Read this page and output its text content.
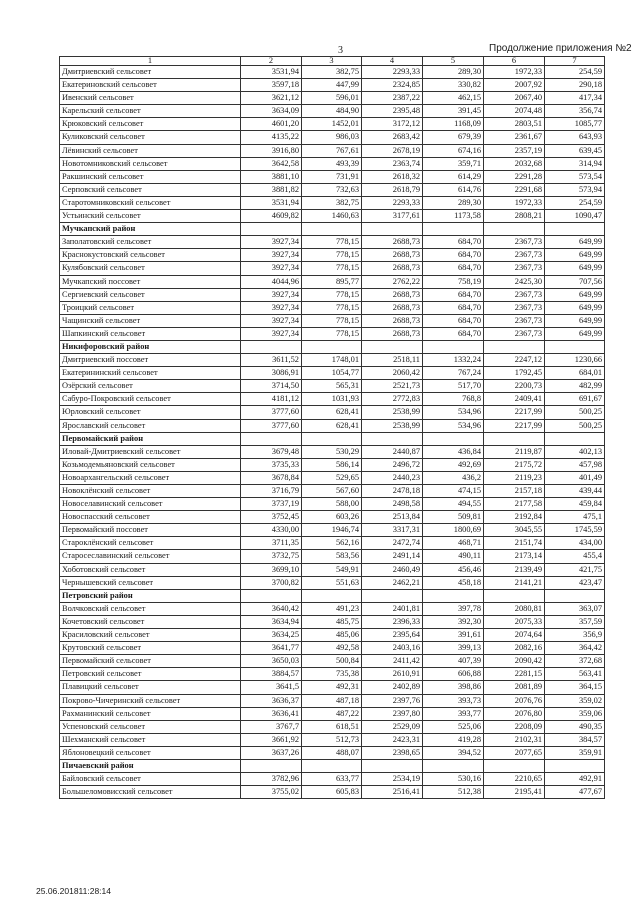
3	Продолжение приложения №2
1	2	3	4	5	6	7
Дмитриевский сельсовет	3531,94	382,75	2293,33	289,30	1972,33	254,59
Екатериновский сельсовет	3597,18	447,99	2324,85	330,82	2007,92	290,18
Ивенский сельсовет	3621,12	596,01	2387,22	462,15	2067,40	417,34
Карельский сельсовет	3634,09	484,90	2395,48	391,45	2074,48	356,74
Крюковский сельсовет	4601,20	1452,01	3172,12	1168,09	2803,51	1085,77
Куликовский сельсовет	4135,22	986,03	2683,42	679,39	2361,67	643,93
Лёвинский сельсовет	3916,80	767,61	2678,19	674,16	2357,19	639,45
Новотомниковский сельсовет	3642,58	493,39	2363,74	359,71	2032,68	314,94
Ракшинский сельсовет	3881,10	731,91	2618,32	614,29	2291,28	573,54
Серповский сельсовет	3881,82	732,63	2618,79	614,76	2291,68	573,94
Старотомниковский сельсовет	3531,94	382,75	2293,33	289,30	1972,33	254,59
Устьинский сельсовет	4609,82	1460,63	3177,61	1173,58	2808,21	1090,47
Мучкапский район						
Заполатовский сельсовет	3927,34	778,15	2688,73	684,70	2367,73	649,99
Краснокустовский сельсовет	3927,34	778,15	2688,73	684,70	2367,73	649,99
Кулябовский сельсовет	3927,34	778,15	2688,73	684,70	2367,73	649,99
Мучкапский поссовет	4044,96	895,77	2762,22	758,19	2425,30	707,56
Сергиевский сельсовет	3927,34	778,15	2688,73	684,70	2367,73	649,99
Троицкий сельсовет	3927,34	778,15	2688,73	684,70	2367,73	649,99
Чащинский сельсовет	3927,34	778,15	2688,73	684,70	2367,73	649,99
Шапкинский сельсовет	3927,34	778,15	2688,73	684,70	2367,73	649,99
Никифоровский район						
Дмитриевский поссовет	3611,52	1748,01	2518,11	1332,24	2247,12	1230,66
Екатерининский сельсовет	3086,91	1054,77	2060,42	767,24	1792,45	684,01
Озёрский сельсовет	3714,50	565,31	2521,73	517,70	2200,73	482,99
Сабуро-Покровский сельсовет	4181,12	1031,93	2772,83	768,8	2409,41	691,67
Юрловский сельсовет	3777,60	628,41	2538,99	534,96	2217,99	500,25
Ярославский сельсовет	3777,60	628,41	2538,99	534,96	2217,99	500,25
Первомайский район						
Иловай-Дмитриевский сельсовет	3679,48	530,29	2440,87	436,84	2119,87	402,13
Козьмодемьяновский сельсовет	3735,33	586,14	2496,72	492,69	2175,72	457,98
Новоархангельский сельсовет	3678,84	529,65	2440,23	436,2	2119,23	401,49
Новоклёнский сельсовет	3716,79	567,60	2478,18	474,15	2157,18	439,44
Новоселавинский сельсовет	3737,19	588,00	2498,58	494,55	2177,58	459,84
Новоспасский сельсовет	3752,45	603,26	2513,84	509,81	2192,84	475,1
Первомайский поссовет	4330,00	1946,74	3317,31	1800,69	3045,55	1745,59
Староклёнский сельсовет	3711,35	562,16	2472,74	468,71	2151,74	434,00
Старосеславинский сельсовет	3732,75	583,56	2491,14	490,11	2173,14	455,4
Хоботовский сельсовет	3699,10	549,91	2460,49	456,46	2139,49	421,75
Чернышевский сельсовет	3700,82	551,63	2462,21	458,18	2141,21	423,47
Петровский район						
Волчковский сельсовет	3640,42	491,23	2401,81	397,78	2080,81	363,07
Кочетовский сельсовет	3634,94	485,75	2396,33	392,30	2075,33	357,59
Красиловский сельсовет	3634,25	485,06	2395,64	391,61	2074,64	356,9
Крутовский сельсовет	3641,77	492,58	2403,16	399,13	2082,16	364,42
Первомайский сельсовет	3650,03	500,84	2411,42	407,39	2090,42	372,68
Петровский сельсовет	3884,57	735,38	2610,91	606,88	2281,15	563,41
Плавицкий сельсовет	3641,5	492,31	2402,89	398,86	2081,89	364,15
Покрово-Чичеринский сельсовет	3636,37	487,18	2397,76	393,73	2076,76	359,02
Рахманинский сельсовет	3636,41	487,22	2397,80	393,77	2076,80	359,06
Успеновский сельсовет	3767,7	618,51	2529,09	525,06	2208,09	490,35
Шехманский сельсовет	3661,92	512,73	2423,31	419,28	2102,31	384,57
Яблоновецкий сельсовет	3637,26	488,07	2398,65	394,52	2077,65	359,91
Пичаевский район						
Байловский сельсовет	3782,96	633,77	2534,19	530,16	2210,65	492,91
Большеломовисский сельсовет	3755,02	605,83	2516,41	512,38	2195,41	477,67
25.06.201811:28:14
